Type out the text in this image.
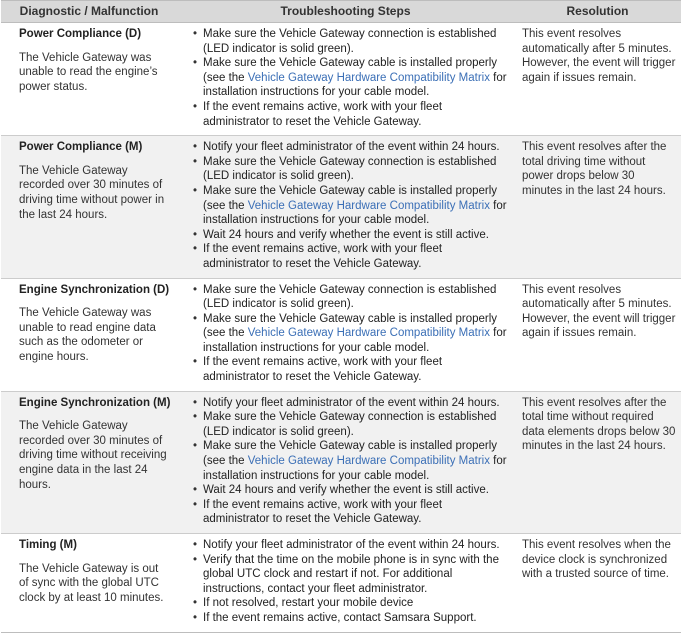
Diagnostic / Malfunction	Troubleshooting Steps	Resolution
Power Compliance (D)
The Vehicle Gateway was unable to read the engine’s power status.
• Make sure the Vehicle Gateway connection is established (LED indicator is solid green).
• Make sure the Vehicle Gateway cable is installed properly (see the Vehicle Gateway Hardware Compatibility Matrix for installation instructions for your cable model.
• If the event remains active, work with your fleet administrator to reset the Vehicle Gateway.
This event resolves automatically after 5 minutes. However, the event will trigger again if issues remain.
Power Compliance (M)
The Vehicle Gateway recorded over 30 minutes of driving time without power in the last 24 hours.
• Notify your fleet administrator of the event within 24 hours.
• Make sure the Vehicle Gateway connection is established (LED indicator is solid green).
• Make sure the Vehicle Gateway cable is installed properly (see the Vehicle Gateway Hardware Compatibility Matrix for installation instructions for your cable model.
• Wait 24 hours and verify whether the event is still active.
• If the event remains active, work with your fleet administrator to reset the Vehicle Gateway.
This event resolves after the total driving time without power drops below 30 minutes in the last 24 hours.
Engine Synchronization (D)
The Vehicle Gateway was unable to read engine data such as the odometer or engine hours.
• Make sure the Vehicle Gateway connection is established (LED indicator is solid green).
• Make sure the Vehicle Gateway cable is installed properly (see the Vehicle Gateway Hardware Compatibility Matrix for installation instructions for your cable model.
• If the event remains active, work with your fleet administrator to reset the Vehicle Gateway.
This event resolves automatically after 5 minutes. However, the event will trigger again if issues remain.
Engine Synchronization (M)
The Vehicle Gateway recorded over 30 minutes of driving time without receiving engine data in the last 24 hours.
• Notify your fleet administrator of the event within 24 hours.
• Make sure the Vehicle Gateway connection is established (LED indicator is solid green).
• Make sure the Vehicle Gateway cable is installed properly (see the Vehicle Gateway Hardware Compatibility Matrix for installation instructions for your cable model.
• Wait 24 hours and verify whether the event is still active.
• If the event remains active, work with your fleet administrator to reset the Vehicle Gateway.
This event resolves after the total time without required data elements drops below 30 minutes in the last 24 hours.
Timing (M)
The Vehicle Gateway is out of sync with the global UTC clock by at least 10 minutes.
• Notify your fleet administrator of the event within 24 hours.
• Verify that the time on the mobile phone is in sync with the global UTC clock and restart if not. For additional instructions, contact your fleet administrator.
• If not resolved, restart your mobile device
• If the event remains active, contact Samsara Support.
This event resolves when the device clock is synchronized with a trusted source of time.
